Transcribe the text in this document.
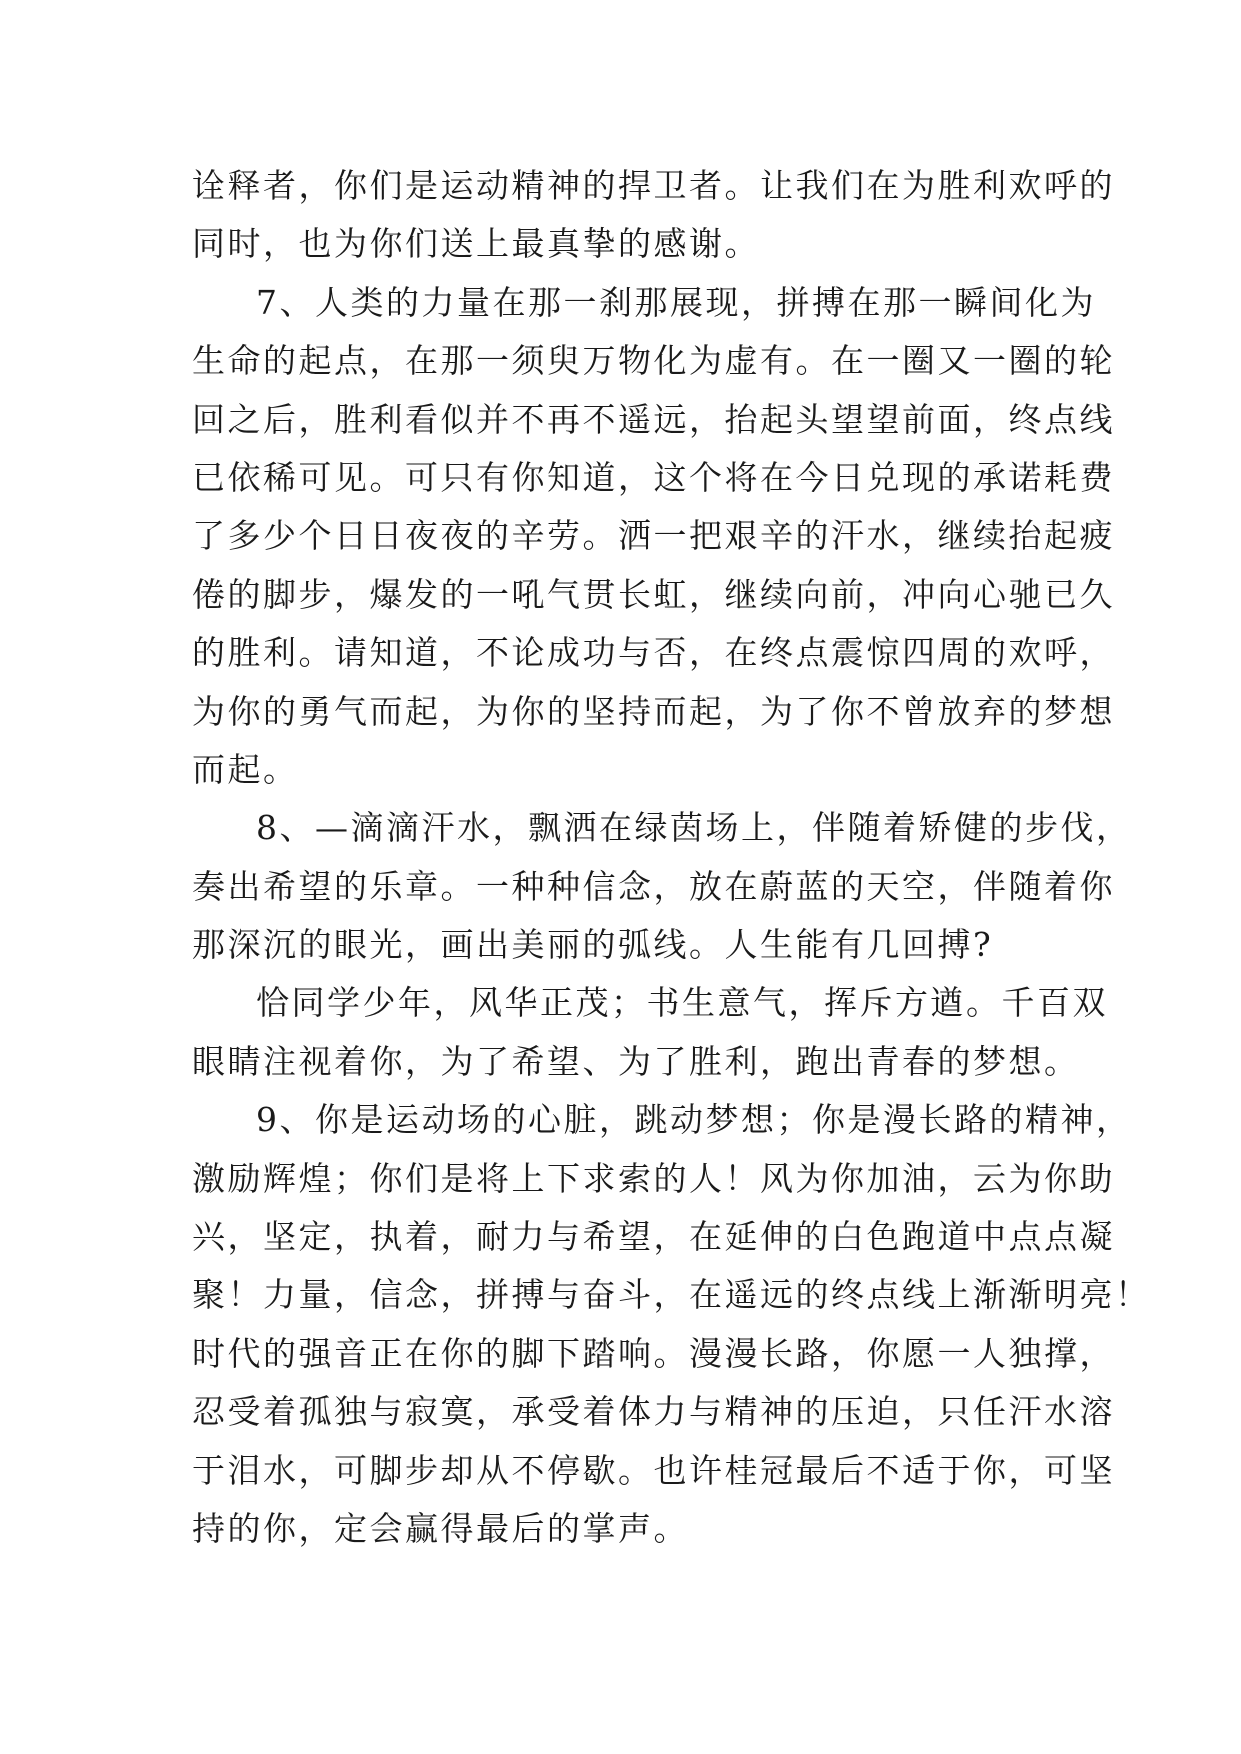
诠释者，你们是运动精神的捍卫者。让我们在为胜利欢呼的
同时，也为你们送上最真挚的感谢。
7、人类的力量在那一刹那展现，拼搏在那一瞬间化为
生命的起点，在那一须臾万物化为虚有。在一圈又一圈的轮
回之后，胜利看似并不再不遥远，抬起头望望前面，终点线
已依稀可见。可只有你知道，这个将在今日兑现的承诺耗费
了多少个日日夜夜的辛劳。洒一把艰辛的汗水，继续抬起疲
倦的脚步，爆发的一吼气贯长虹，继续向前，冲向心驰已久
的胜利。请知道，不论成功与否，在终点震惊四周的欢呼，
为你的勇气而起，为你的坚持而起，为了你不曾放弃的梦想
而起。
8、—滴滴汗水，飘洒在绿茵场上，伴随着矫健的步伐，
奏出希望的乐章。一种种信念，放在蔚蓝的天空，伴随着你
那深沉的眼光，画出美丽的弧线。人生能有几回搏?
恰同学少年，风华正茂；书生意气，挥斥方遒。千百双
眼睛注视着你，为了希望、为了胜利，跑出青春的梦想。
9、你是运动场的心脏，跳动梦想；你是漫长路的精神，
激励辉煌；你们是将上下求索的人！风为你加油，云为你助
兴，坚定，执着，耐力与希望，在延伸的白色跑道中点点凝
聚！力量，信念，拼搏与奋斗，在遥远的终点线上渐渐明亮！
时代的强音正在你的脚下踏响。漫漫长路，你愿一人独撑，
忍受着孤独与寂寞，承受着体力与精神的压迫，只任汗水溶
于泪水，可脚步却从不停歇。也许桂冠最后不适于你，可坚
持的你，定会赢得最后的掌声。
